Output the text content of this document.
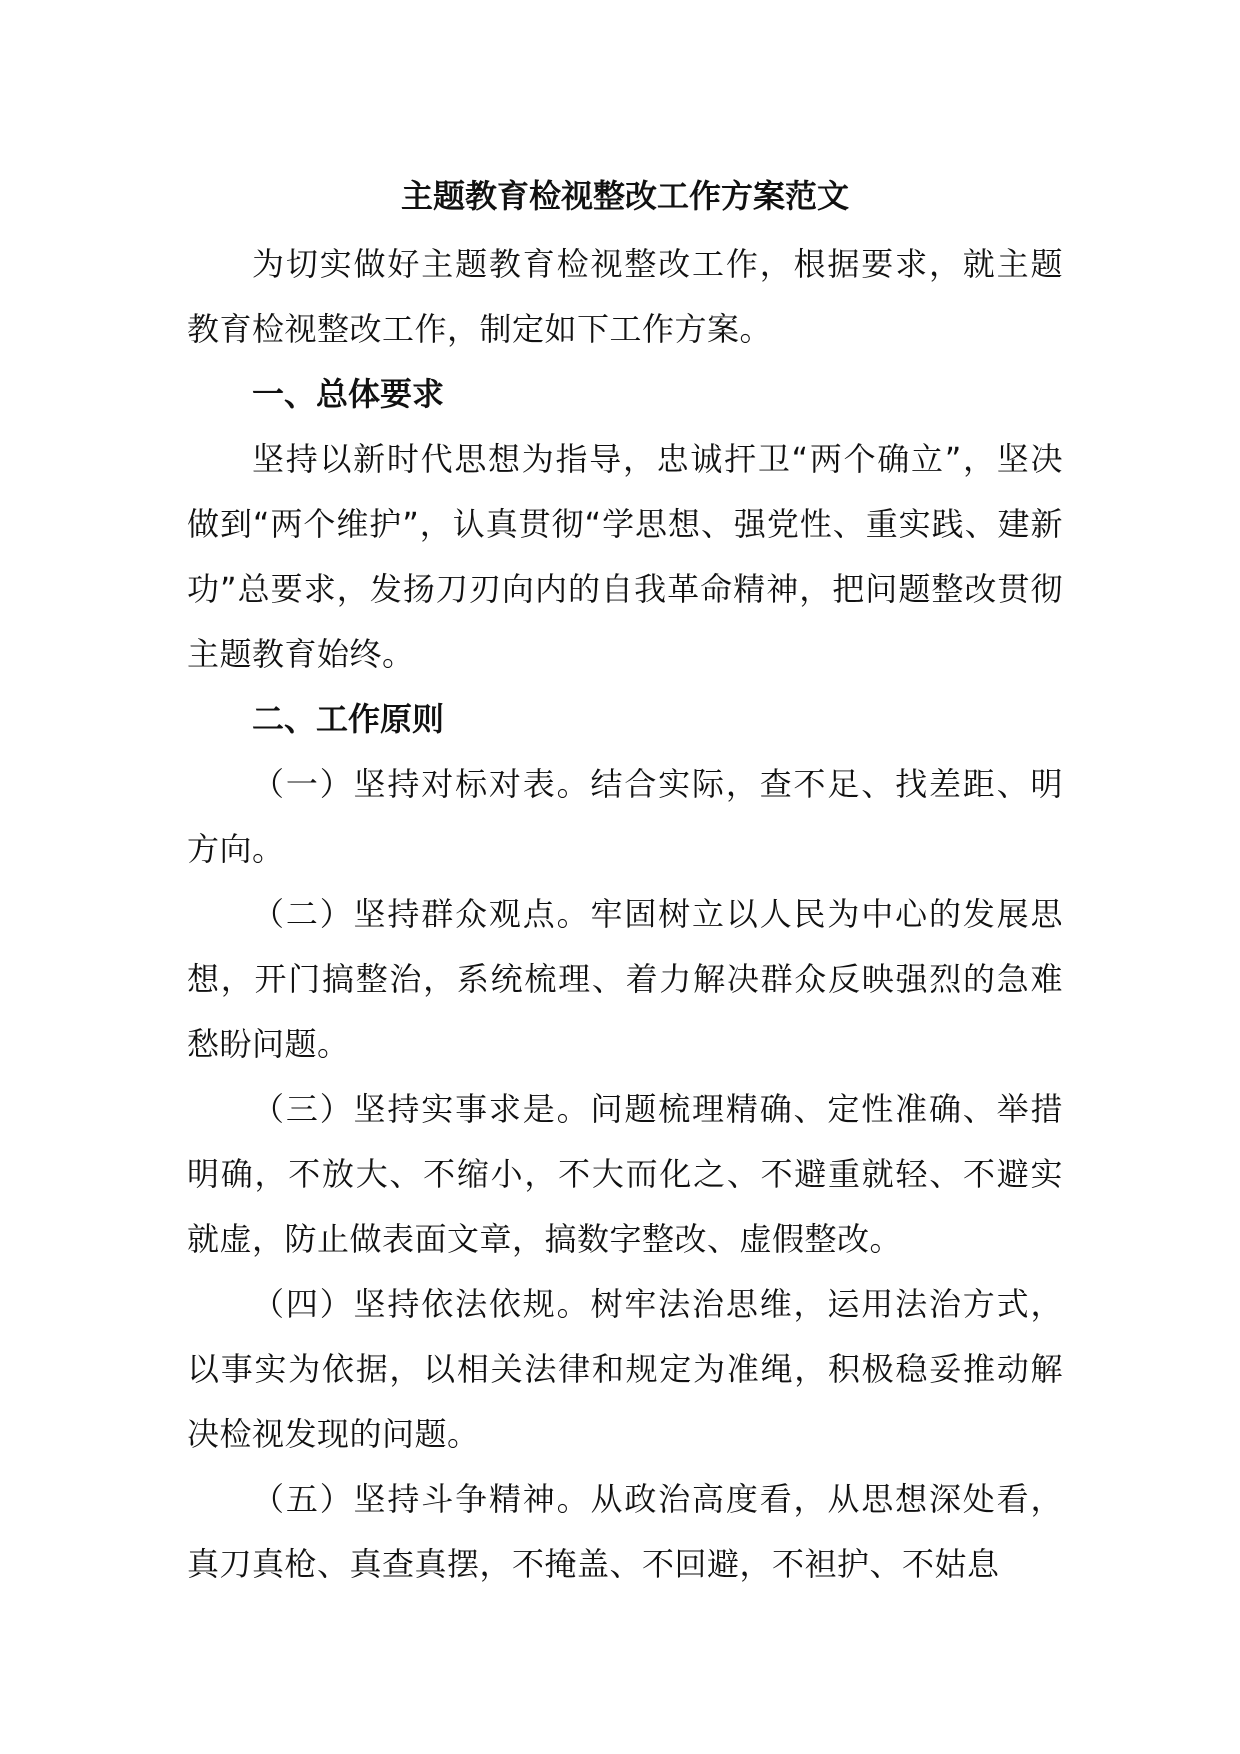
主题教育检视整改工作方案范文

为切实做好主题教育检视整改工作，根据要求，就主题教育检视整改工作，制定如下工作方案。

一、总体要求

坚持以新时代思想为指导，忠诚扞卫“两个确立”，坚决做到“两个维护”，认真贯彻“学思想、强党性、重实践、建新功”总要求，发扬刀刃向内的自我革命精神，把问题整改贯彻主题教育始终。

二、工作原则

（一）坚持对标对表。结合实际，查不足、找差距、明方向。

（二）坚持群众观点。牢固树立以人民为中心的发展思想，开门搞整治，系统梳理、着力解决群众反映强烈的急难愁盼问题。

（三）坚持实事求是。问题梳理精确、定性准确、举措明确，不放大、不缩小，不大而化之、不避重就轻、不避实就虚，防止做表面文章，搞数字整改、虚假整改。

（四）坚持依法依规。树牢法治思维，运用法治方式，以事实为依据，以相关法律和规定为准绳，积极稳妥推动解决检视发现的问题。

（五）坚持斗争精神。从政治高度看，从思想深处看，真刀真枪、真查真摆，不掩盖、不回避，不袒护、不姑息
